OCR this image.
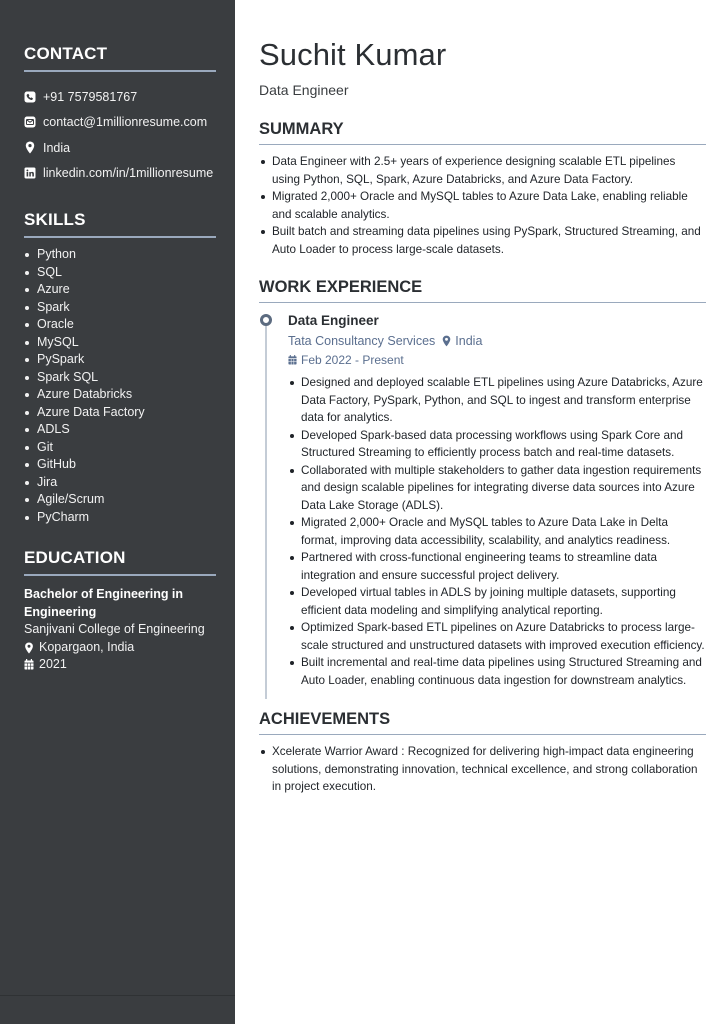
CONTACT
+91 7579581767
contact@1millionresume.com
India
linkedin.com/in/1millionresume
SKILLS
Python
SQL
Azure
Spark
Oracle
MySQL
PySpark
Spark SQL
Azure Databricks
Azure Data Factory
ADLS
Git
GitHub
Jira
Agile/Scrum
PyCharm
EDUCATION
Bachelor of Engineering in Engineering
Sanjivani College of Engineering
Kopargaon, India
2021
Suchit Kumar
Data Engineer
SUMMARY
Data Engineer with 2.5+ years of experience designing scalable ETL pipelines using Python, SQL, Spark, Azure Databricks, and Azure Data Factory.
Migrated 2,000+ Oracle and MySQL tables to Azure Data Lake, enabling reliable and scalable analytics.
Built batch and streaming data pipelines using PySpark, Structured Streaming, and Auto Loader to process large-scale datasets.
WORK EXPERIENCE
Data Engineer
Tata Consultancy Services India
Feb 2022 - Present
Designed and deployed scalable ETL pipelines using Azure Databricks, Azure Data Factory, PySpark, Python, and SQL to ingest and transform enterprise data for analytics.
Developed Spark-based data processing workflows using Spark Core and Structured Streaming to efficiently process batch and real-time datasets.
Collaborated with multiple stakeholders to gather data ingestion requirements and design scalable pipelines for integrating diverse data sources into Azure Data Lake Storage (ADLS).
Migrated 2,000+ Oracle and MySQL tables to Azure Data Lake in Delta format, improving data accessibility, scalability, and analytics readiness.
Partnered with cross-functional engineering teams to streamline data integration and ensure successful project delivery.
Developed virtual tables in ADLS by joining multiple datasets, supporting efficient data modeling and simplifying analytical reporting.
Optimized Spark-based ETL pipelines on Azure Databricks to process large-scale structured and unstructured datasets with improved execution efficiency.
Built incremental and real-time data pipelines using Structured Streaming and Auto Loader, enabling continuous data ingestion for downstream analytics.
ACHIEVEMENTS
Xcelerate Warrior Award : Recognized for delivering high-impact data engineering solutions, demonstrating innovation, technical excellence, and strong collaboration in project execution.
